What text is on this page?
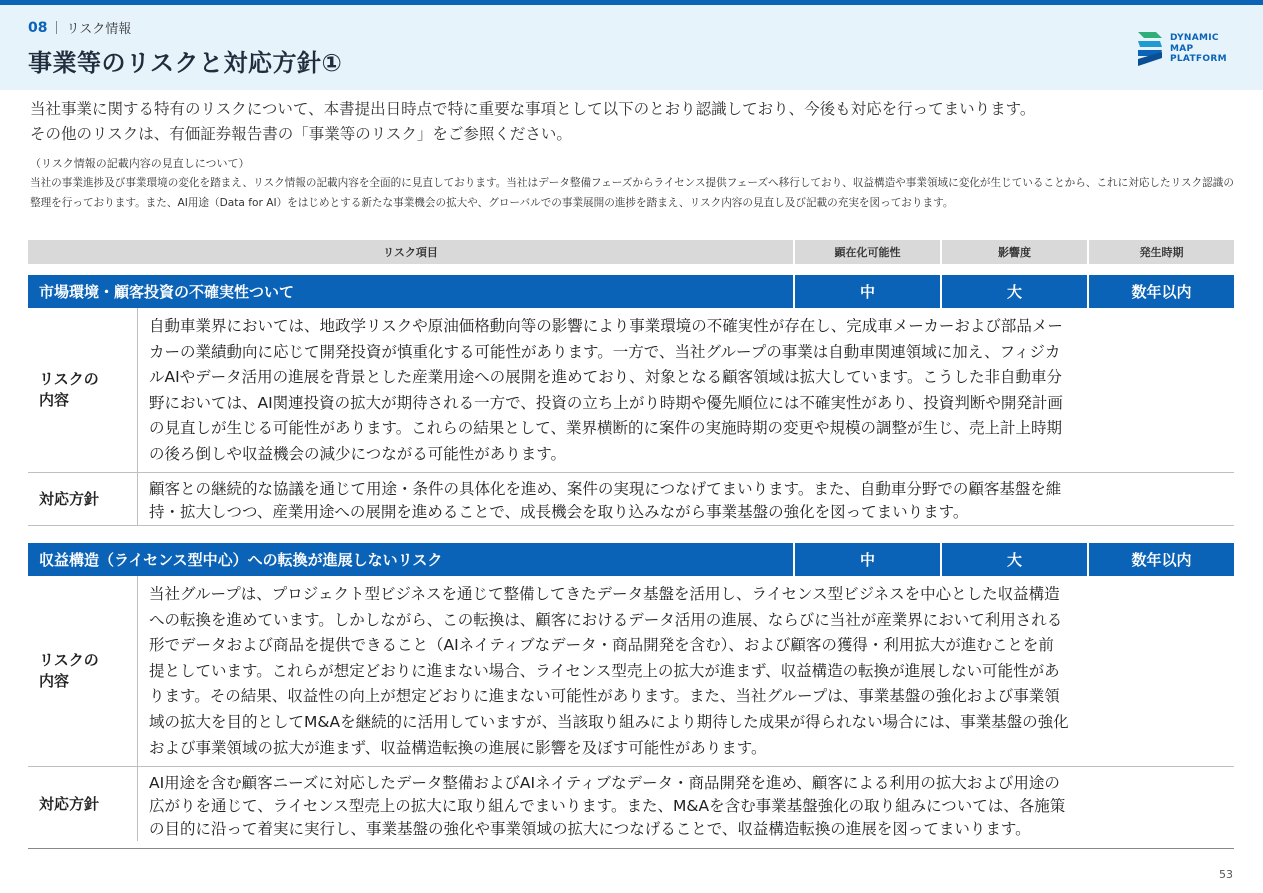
08 リスク情報
事業等のリスクと対応方針①
DYNAMIC
MAP
PLATFORM
当社事業に関する特有のリスクについて、本書提出日時点で特に重要な事項として以下のとおり認識しており、今後も対応を行ってまいります。
その他のリスクは、有価証券報告書の「事業等のリスク」をご参照ください。
（リスク情報の記載内容の見直しについて）
当社の事業進捗及び事業環境の変化を踏まえ、リスク情報の記載内容を全面的に見直しております。当社はデータ整備フェーズからライセンス提供フェーズへ移行しており、収益構造や事業領域に変化が生じていることから、これに対応したリスク認識の整理を行っております。また、AI用途（Data for AI）をはじめとする新たな事業機会の拡大や、グローバルでの事業展開の進捗を踏まえ、リスク内容の見直し及び記載の充実を図っております。
リスク項目	顕在化可能性	影響度	発生時期
市場環境・顧客投資の不確実性ついて	中	大	数年以内
リスクの
内容
自動車業界においては、地政学リスクや原油価格動向等の影響により事業環境の不確実性が存在し、完成車メーカーおよび部品メー
カーの業績動向に応じて開発投資が慎重化する可能性があります。一方で、当社グループの事業は自動車関連領域に加え、フィジカ
ルAIやデータ活用の進展を背景とした産業用途への展開を進めており、対象となる顧客領域は拡大しています。こうした非自動車分
野においては、AI関連投資の拡大が期待される一方で、投資の立ち上がり時期や優先順位には不確実性があり、投資判断や開発計画
の見直しが生じる可能性があります。これらの結果として、業界横断的に案件の実施時期の変更や規模の調整が生じ、売上計上時期
の後ろ倒しや収益機会の減少につながる可能性があります。
対応方針
顧客との継続的な協議を通じて用途・条件の具体化を進め、案件の実現につなげてまいります。また、自動車分野での顧客基盤を維
持・拡大しつつ、産業用途への展開を進めることで、成長機会を取り込みながら事業基盤の強化を図ってまいります。
収益構造（ライセンス型中心）への転換が進展しないリスク	中	大	数年以内
リスクの
内容
当社グループは、プロジェクト型ビジネスを通じて整備してきたデータ基盤を活用し、ライセンス型ビジネスを中心とした収益構造
への転換を進めています。しかしながら、この転換は、顧客におけるデータ活用の進展、ならびに当社が産業界において利用される
形でデータおよび商品を提供できること（AIネイティブなデータ・商品開発を含む）、および顧客の獲得・利用拡大が進むことを前
提としています。これらが想定どおりに進まない場合、ライセンス型売上の拡大が進まず、収益構造の転換が進展しない可能性があ
ります。その結果、収益性の向上が想定どおりに進まない可能性があります。また、当社グループは、事業基盤の強化および事業領
域の拡大を目的としてM&Aを継続的に活用していますが、当該取り組みにより期待した成果が得られない場合には、事業基盤の強化
および事業領域の拡大が進まず、収益構造転換の進展に影響を及ぼす可能性があります。
対応方針
AI用途を含む顧客ニーズに対応したデータ整備およびAIネイティブなデータ・商品開発を進め、顧客による利用の拡大および用途の
広がりを通じて、ライセンス型売上の拡大に取り組んでまいります。また、M&Aを含む事業基盤強化の取り組みについては、各施策
の目的に沿って着実に実行し、事業基盤の強化や事業領域の拡大につなげることで、収益構造転換の進展を図ってまいります。
53
